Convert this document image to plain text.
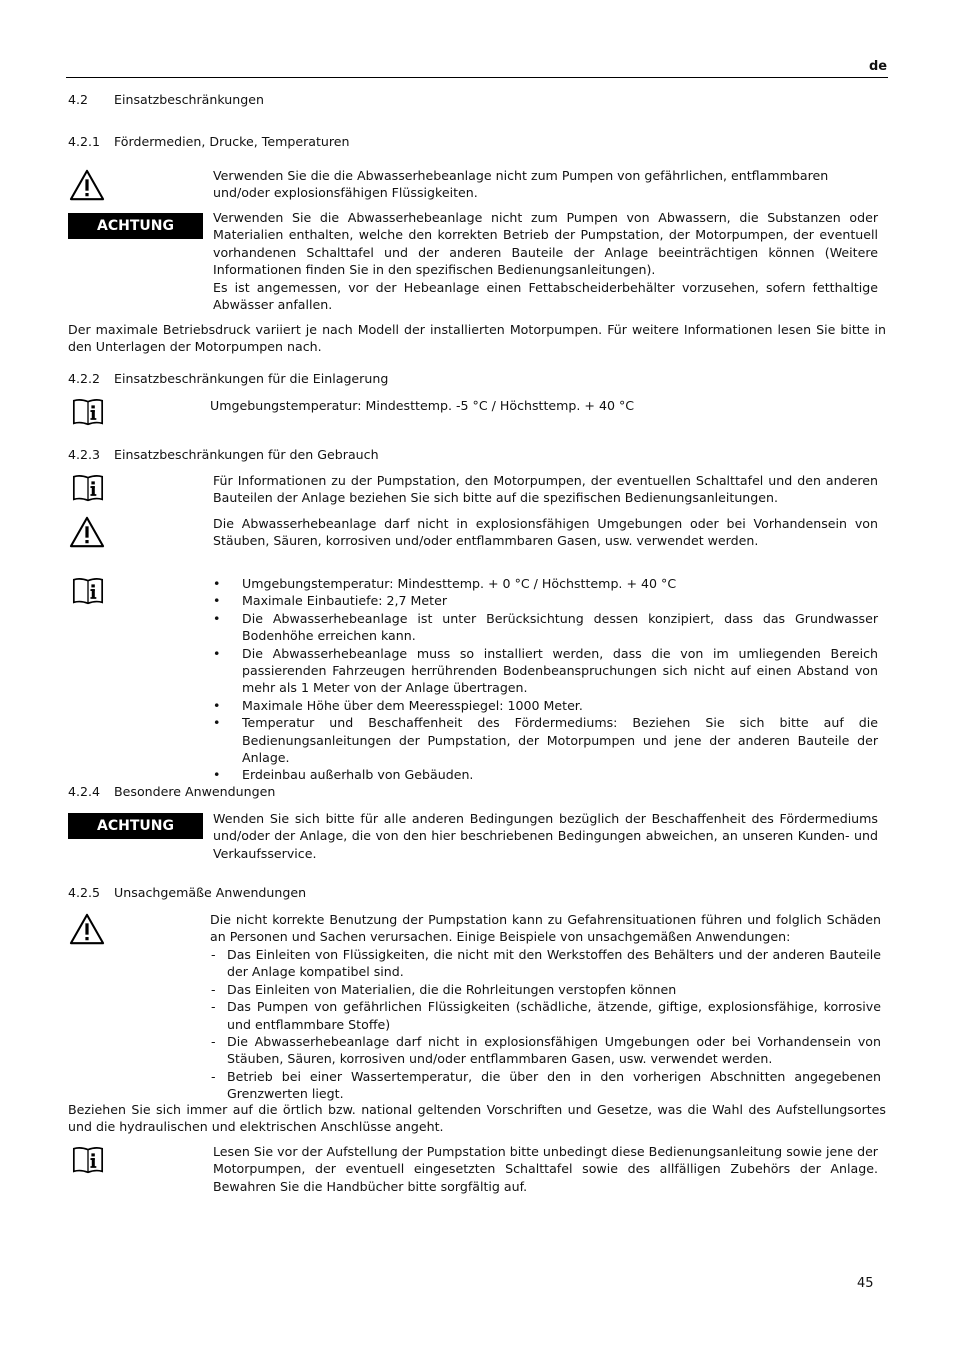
de
4.2 Einsatzbeschränkungen
4.2.1 Fördermedien, Drucke, Temperaturen
Verwenden Sie die die Abwasserhebeanlage nicht zum Pumpen von gefährlichen, entflammbaren und/oder explosionsfähigen Flüssigkeiten.
ACHTUNG

Verwenden Sie die Abwasserhebeanlage nicht zum Pumpen von Abwassern, die Substanzen oder Materialien enthalten, welche den korrekten Betrieb der Pumpstation, der Motorpumpen, der eventuell vorhandenen Schalttafel und der anderen Bauteile der Anlage beeinträchtigen können (Weitere Informationen finden Sie in den spezifischen Bedienungsanleitungen).

Es ist angemessen, vor der Hebeanlage einen Fettabscheiderbehälter vorzusehen, sofern fetthaltige Abwässer anfallen.

Der maximale Betriebsdruck variiert je nach Modell der installierten Motorpumpen. Für weitere Informationen lesen Sie bitte in den Unterlagen der Motorpumpen nach.
4.2.2 Einsatzbeschränkungen für die Einlagerung
Umgebungstemperatur: Mindesttemp. -5 °C / Höchsttemp. + 40 °C
4.2.3 Einsatzbeschränkungen für den Gebrauch
Für Informationen zu der Pumpstation, den Motorpumpen, der eventuellen Schalttafel und den anderen Bauteilen der Anlage beziehen Sie sich bitte auf die spezifischen Bedienungsanleitungen.
Die Abwasserhebeanlage darf nicht in explosionsfähigen Umgebungen oder bei Vorhandensein von Stäuben, Säuren, korrosiven und/oder entflammbaren Gasen, usw. verwendet werden.
• Umgebungstemperatur: Mindesttemp. + 0 °C / Höchsttemp. + 40 °C
• Maximale Einbautiefe: 2,7 Meter
• Die Abwasserhebeanlage ist unter Berücksichtung dessen konzipiert, dass das Grundwasser Bodenhöhe erreichen kann.
• Die Abwasserhebeanlage muss so installiert werden, dass die von im umliegenden Bereich passierenden Fahrzeugen herrührenden Bodenbeanspruchungen sich nicht auf einen Abstand von mehr als 1 Meter von der Anlage übertragen.
• Maximale Höhe über dem Meeresspiegel: 1000 Meter.
• Temperatur und Beschaffenheit des Fördermediums: Beziehen Sie sich bitte auf die Bedienungsanleitungen der Pumpstation, der Motorpumpen und jene der anderen Bauteile der Anlage.
• Erdeinbau außerhalb von Gebäuden.
4.2.4 Besondere Anwendungen
ACHTUNG	Wenden Sie sich bitte für alle anderen Bedingungen bezüglich der Beschaffenheit des Fördermediums und/oder der Anlage, die von den hier beschriebenen Bedingungen abweichen, an unseren Kunden- und Verkaufsservice.
4.2.5 Unsachgemäße Anwendungen
Die nicht korrekte Benutzung der Pumpstation kann zu Gefahrensituationen führen und folglich Schäden an Personen und Sachen verursachen. Einige Beispiele von unsachgemäßen Anwendungen:
- Das Einleiten von Flüssigkeiten, die nicht mit den Werkstoffen des Behälters und der anderen Bauteile der Anlage kompatibel sind.
- Das Einleiten von Materialien, die die Rohrleitungen verstopfen können
- Das Pumpen von gefährlichen Flüssigkeiten (schädliche, ätzende, giftige, explosionsfähige, korrosive und entflammbare Stoffe)
- Die Abwasserhebeanlage darf nicht in explosionsfähigen Umgebungen oder bei Vorhandensein von Stäuben, Säuren, korrosiven und/oder entflammbaren Gasen, usw. verwendet werden.
- Betrieb bei einer Wassertemperatur, die über den in den vorherigen Abschnitten angegebenen Grenzwerten liegt.
Beziehen Sie sich immer auf die örtlich bzw. national geltenden Vorschriften und Gesetze, was die Wahl des Aufstellungsortes und die hydraulischen und elektrischen Anschlüsse angeht.
Lesen Sie vor der Aufstellung der Pumpstation bitte unbedingt diese Bedienungsanleitung sowie jene der Motorpumpen, der eventuell eingesetzten Schalttafel sowie des allfälligen Zubehörs der Anlage. Bewahren Sie die Handbücher bitte sorgfältig auf.
45
